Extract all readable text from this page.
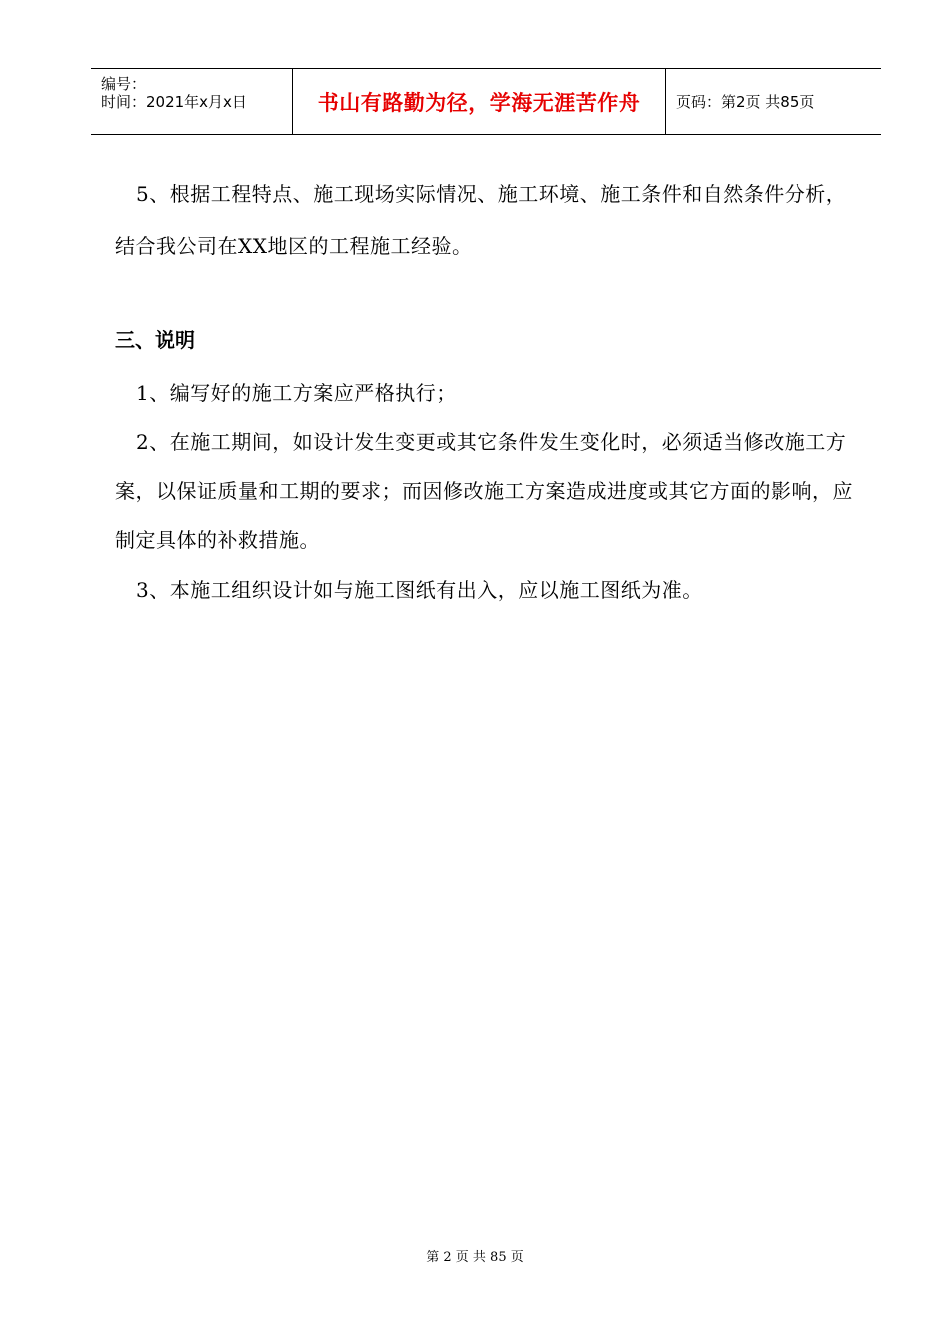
编号：
时间：2021年x月x日	书山有路勤为径，学海无涯苦作舟 页码：第2页 共85页

5、根据工程特点、施工现场实际情况、施工环境、施工条件和自然条件分析，结合我公司在XX地区的工程施工经验。

三、说明

1、编写好的施工方案应严格执行；

2、在施工期间，如设计发生变更或其它条件发生变化时，必须适当修改施工方案，以保证质量和工期的要求；而因修改施工方案造成进度或其它方面的影响，应制定具体的补救措施。

3、本施工组织设计如与施工图纸有出入，应以施工图纸为准。

第 2 页 共 85 页
